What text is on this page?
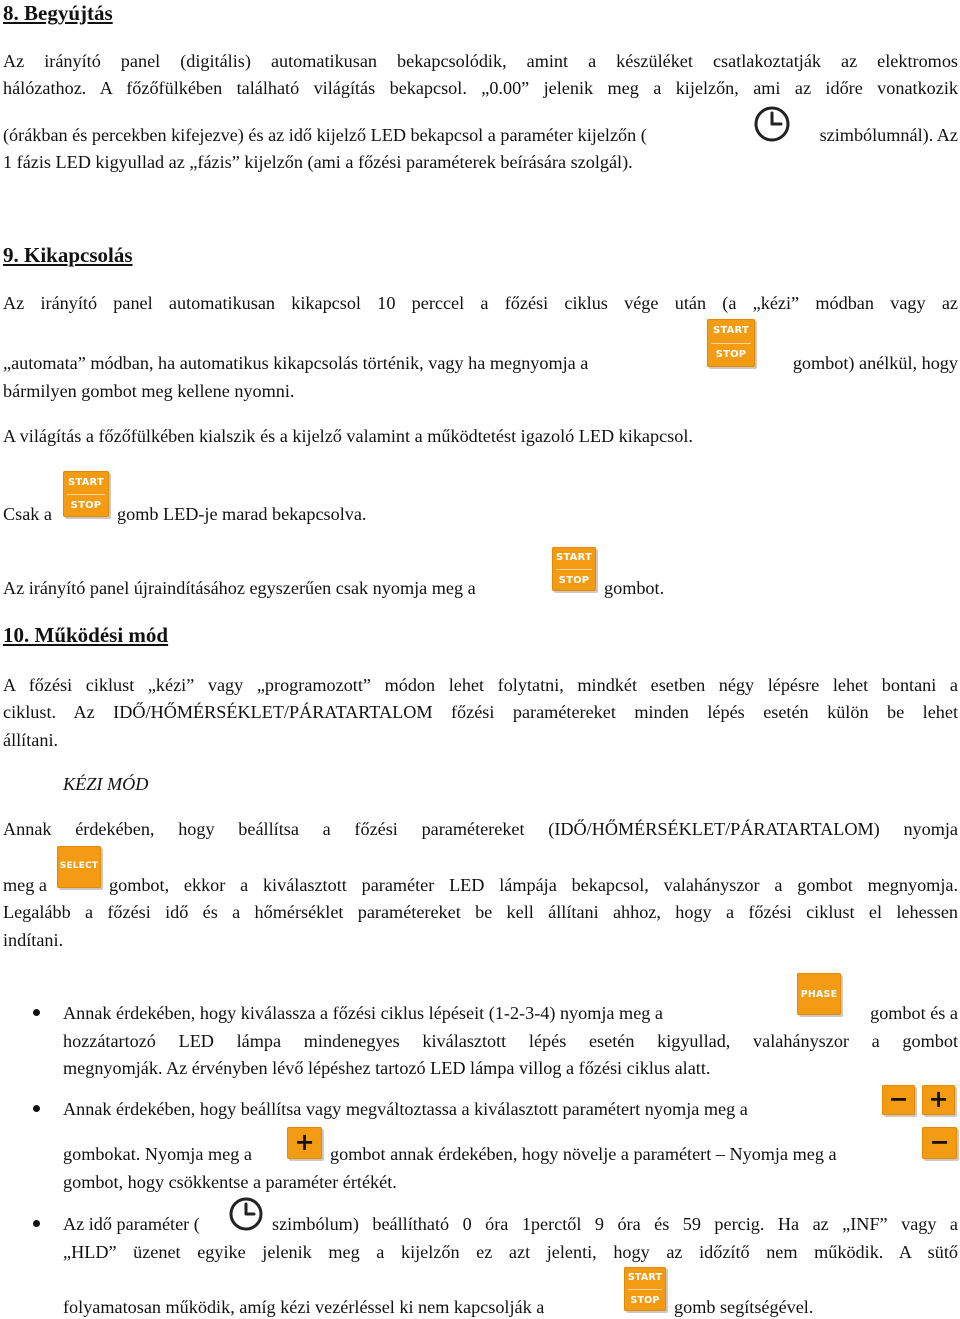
8. Begyújtás
Az irányító panel (digitális) automatikusan bekapcsolódik, amint a készüléket csatlakoztatják az elektromos
hálózathoz. A főzőfülkében található világítás bekapcsol. „0.00” jelenik meg a kijelzőn, ami az időre vonatkozik
(órákban és percekben kifejezve) és az idő kijelző LED bekapcsol a paraméter kijelzőn (	szimbólumnál). Az
1 fázis LED kigyullad az „fázis” kijelzőn (ami a főzési paraméterek beírására szolgál).
9. Kikapcsolás
Az irányító panel automatikusan kikapcsol 10 perccel a főzési ciklus vége után (a „kézi” módban vagy az
„automata” módban, ha automatikus kikapcsolás történik, vagy ha megnyomja a
START
STOP	gombot) anélkül, hogy
bármilyen gombot meg kellene nyomni.
A világítás a főzőfülkében kialszik és a kijelző valamint a működtetést igazoló LED kikapcsol.
Csak a
START
STOP gomb LED-je marad bekapcsolva.
Az irányító panel újraindításához egyszerűen csak nyomja meg a
START
STOP gombot.
10. Működési mód
A főzési ciklust „kézi” vagy „programozott” módon lehet folytatni, mindkét esetben négy lépésre lehet bontani a
ciklust. Az IDŐ/HŐMÉRSÉKLET/PÁRATARTALOM főzési paramétereket minden lépés esetén külön be lehet
állítani.
KÉZI MÓD
Annak érdekében, hogy beállítsa a főzési paramétereket (IDŐ/HŐMÉRSÉKLET/PÁRATARTALOM) nyomja
meg a
SELECT
gombot, ekkor a kiválasztott paraméter LED lámpája bekapcsol, valahányszor a gombot megnyomja.
Legalább a főzési idő és a hőmérséklet paramétereket be kell állítani ahhoz, hogy a főzési ciklust el lehessen
indítani.
Annak érdekében, hogy kiválassza a főzési ciklus lépéseit (1-2-3-4) nyomja meg a
PHASE
gombot és a
hozzátartozó LED lámpa mindenegyes kiválasztott lépés esetén kigyullad, valahányszor a gombot
megnyomják. Az érvényben lévő lépéshez tartozó LED lámpa villog a főzési ciklus alatt.
Annak érdekében, hogy beállítsa vagy megváltoztassa a kiválasztott paramétert nyomja meg a	− +
gombokat. Nyomja meg a	+ gombot annak érdekében, hogy növelje a paramétert – Nyomja meg a	−
gombot, hogy csökkentse a paraméter értékét.
Az idő paraméter (	szimbólum) beállítható 0 óra 1perctől 9 óra és 59 percig. Ha az „INF” vagy a
„HLD” üzenet egyike jelenik meg a kijelzőn ez azt jelenti, hogy az időzítő nem működik. A sütő
folyamatosan működik, amíg kézi vezérléssel ki nem kapcsolják a
START
STOP gomb segítségével.
